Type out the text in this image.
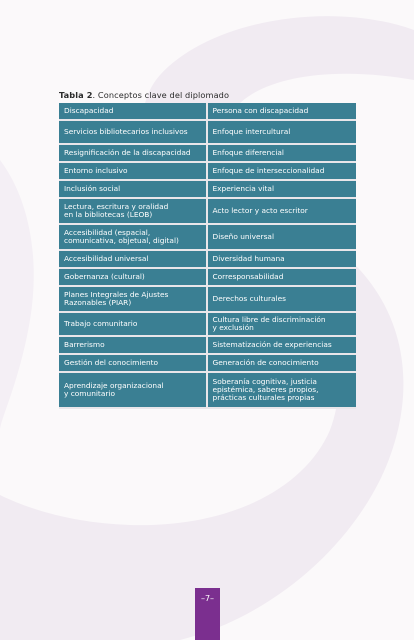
Tabla 2. Conceptos clave del diplomado
Discapacidad	Persona con discapacidad
Servicios bibliotecarios inclusivos	Enfoque intercultural
Resignificación de la discapacidad	Enfoque diferencial
Entorno inclusivo	Enfoque de interseccionalidad
Inclusión social	Experiencia vital
Lectura, escritura y oralidad
en la bibliotecas (LEOB)	Acto lector y acto escritor
Accesibilidad (espacial,
comunicativa, objetual, digital)	Diseño universal
Accesibilidad universal	Diversidad humana
Gobernanza (cultural)	Corresponsabilidad
Planes Integrales de Ajustes
Razonables (PIAR)	Derechos culturales
Trabajo comunitario	Cultura libre de discriminación
y exclusión
Barrerismo	Sistematización de experiencias
Gestión del conocimiento	Generación de conocimiento
Aprendizaje organizacional
y comunitario	Soberanía cognitiva, justicia
epistémica, saberes propios,
prácticas culturales propias
–7–
